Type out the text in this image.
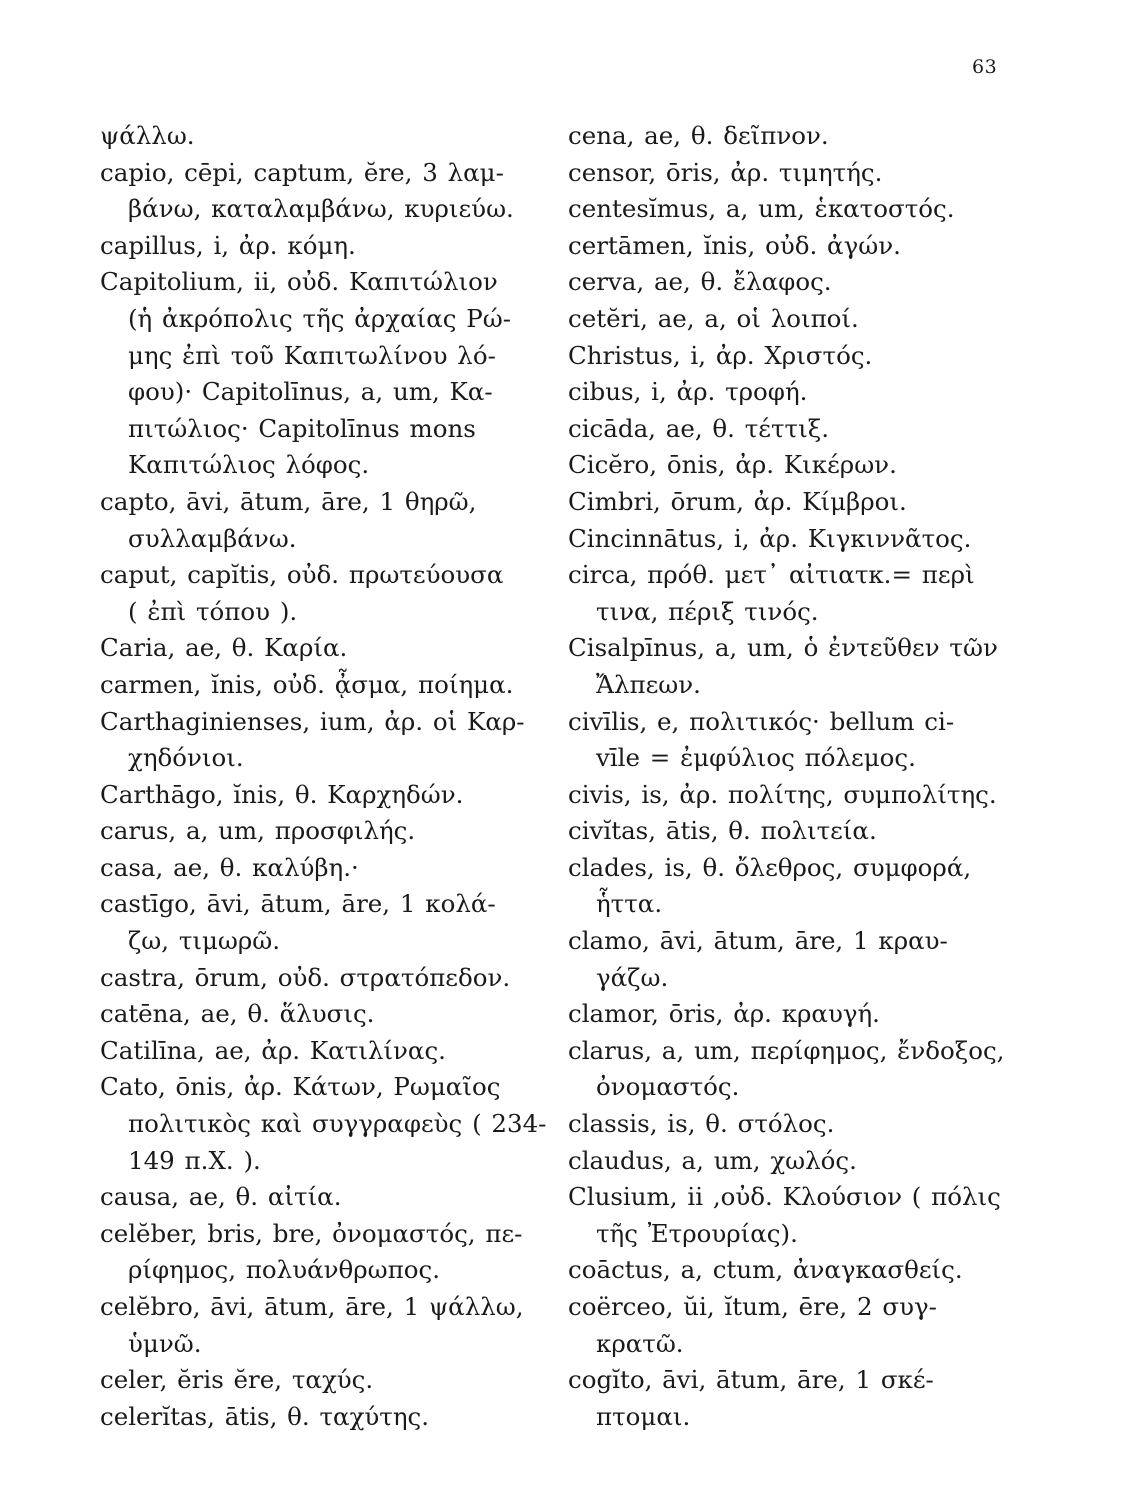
63
ψάλλω.
capio, cēpi, captum, ĕre, 3 λαμ-
βάνω, καταλαμβάνω, κυριεύω.
capillus, i, ἀρ. κόμη.
Capitolium, ii, οὐδ. Καπιτώλιον
(ἡ ἀκρόπολις τῆς ἀρχαίας Ρώ-
μης ἐπὶ τοῦ Καπιτωλίνου λό-
φου)· Capitolīnus, a, um, Κα-
πιτώλιος· Capitolīnus mons
Καπιτώλιος λόφος.
capto, āvi, ātum, āre, 1 θηρῶ,
συλλαμβάνω.
caput, capĭtis, οὐδ. πρωτεύουσα
( ἐπὶ τόπου ).
Caria, ae, θ. Καρία.
carmen, ĭnis, οὐδ. ᾆσμα, ποίημα.
Carthaginienses, ium, ἀρ. οἱ Καρ-
χηδόνιοι.
Carthāgo, ĭnis, θ. Καρχηδών.
carus, a, um, προσφιλής.
casa, ae, θ. καλύβη.·
castīgo, āvi, ātum, āre, 1 κολά-
ζω, τιμωρῶ.
castra, ōrum, οὐδ. στρατόπεδον.
catēna, ae, θ. ἅλυσις.
Catilīna, ae, ἀρ. Κατιλίνας.
Cato, ōnis, ἀρ. Κάτων, Ρωμαῖος
πολιτικὸς καὶ συγγραφεὺς ( 234-
149 π.Χ. ).
causa, ae, θ. αἰτία.
celĕber, bris, bre, ὀνομαστός, πε-
ρίφημος, πολυάνθρωπος.
celĕbro, āvi, ātum, āre, 1 ψάλλω,
ὑμνῶ.
celer, ĕris ĕre, ταχύς.
celerĭtas, ātis, θ. ταχύτης.
cena, ae, θ. δεῖπνον.
censor, ōris, ἀρ. τιμητής.
centesĭmus, a, um, ἑκατοστός.
certāmen, ĭnis, οὐδ. ἀγών.
cerva, ae, θ. ἔλαφος.
cetĕri, ae, a, οἱ λοιποί.
Christus, i, ἀρ. Χριστός.
cibus, i, ἀρ. τροφή.
cicāda, ae, θ. τέττιξ.
Cicĕro, ōnis, ἀρ. Κικέρων.
Cimbri, ōrum, ἀρ. Κίμβροι.
Cincinnātus, i, ἀρ. Κιγκιννᾶτος.
circa, πρόθ. μετ᾽ αἰτιατκ.= περὶ
τινα, πέριξ τινός.
Cisalpīnus, a, um, ὁ ἐντεῦθεν τῶν
Ἄλπεων.
civīlis, e, πολιτικός· bellum ci-
vīle = ἐμφύλιος πόλεμος.
civis, is, ἀρ. πολίτης, συμπολίτης.
civĭtas, ātis, θ. πολιτεία.
clades, is, θ. ὄλεθρος, συμφορά,
ἧττα.
clamo, āvi, ātum, āre, 1 κραυ-
γάζω.
clamor, ōris, ἀρ. κραυγή.
clarus, a, um, περίφημος, ἔνδοξος,
ὀνομαστός.
classis, is, θ. στόλος.
claudus, a, um, χωλός.
Clusium, ii ,οὐδ. Κλούσιον ( πόλις
τῆς Ἐτρουρίας).
coāctus, a, ctum, ἀναγκασθείς.
coërceo, ŭi, ĭtum, ēre, 2 συγ-
κρατῶ.
cogĭto, āvi, ātum, āre, 1 σκέ-
πτομαι.
